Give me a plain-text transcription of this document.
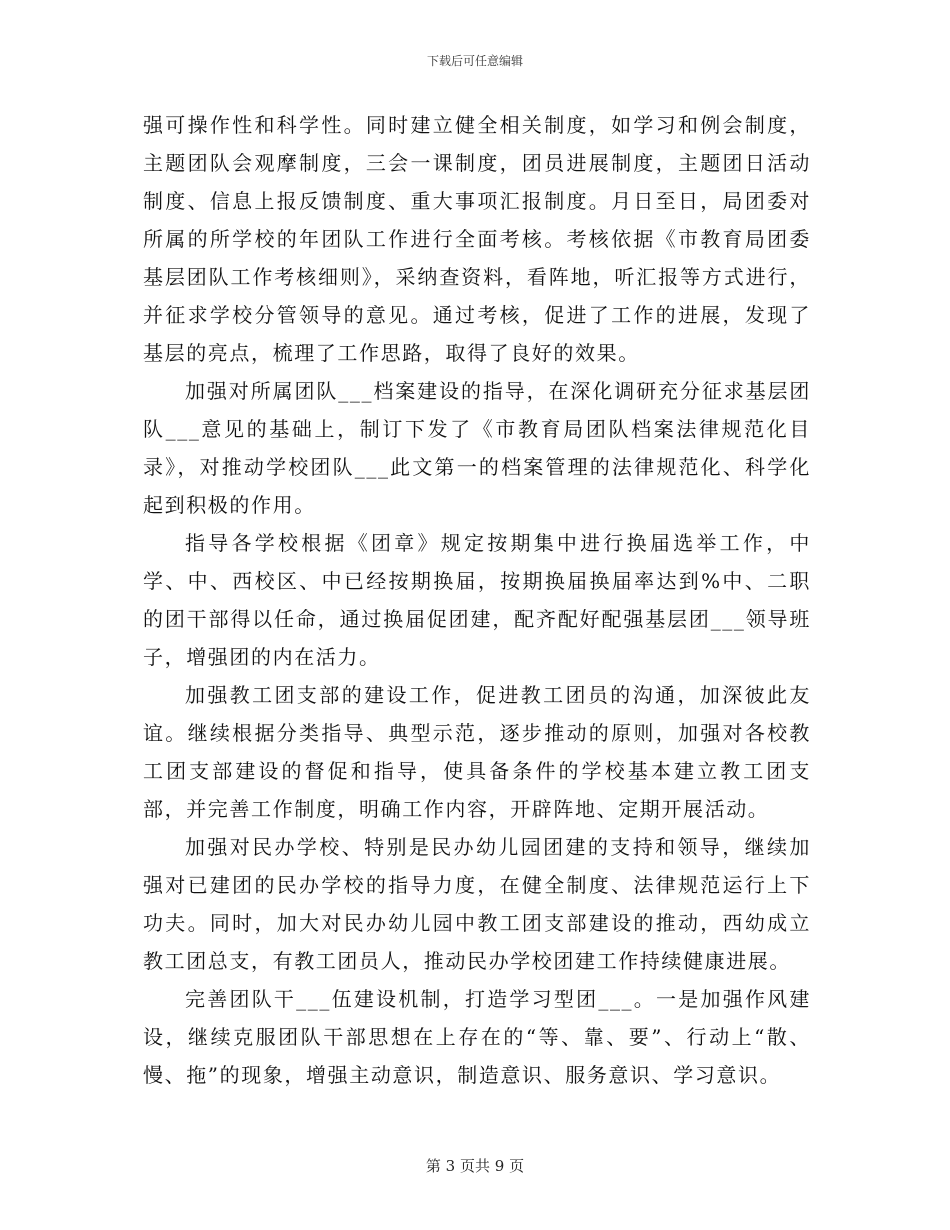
下载后可任意编辑

强可操作性和科学性。同时建立健全相关制度，如学习和例会制度，主题团队会观摩制度，三会一课制度，团员进展制度，主题团日活动制度、信息上报反馈制度、重大事项汇报制度。月日至日，局团委对所属的所学校的年团队工作进行全面考核。考核依据《市教育局团委基层团队工作考核细则》，采纳查资料，看阵地，听汇报等方式进行，并征求学校分管领导的意见。通过考核，促进了工作的进展，发现了基层的亮点，梳理了工作思路，取得了良好的效果。

加强对所属团队___档案建设的指导，在深化调研充分征求基层团队___意见的基础上，制订下发了《市教育局团队档案法律规范化目录》，对推动学校团队___此文第一的档案管理的法律规范化、科学化起到积极的作用。

指导各学校根据《团章》规定按期集中进行换届选举工作，中学、中、西校区、中已经按期换届，按期换届换届率达到%中、二职的团干部得以任命，通过换届促团建，配齐配好配强基层团___领导班子，增强团的内在活力。

加强教工团支部的建设工作，促进教工团员的沟通，加深彼此友谊。继续根据分类指导、典型示范，逐步推动的原则，加强对各校教工团支部建设的督促和指导，使具备条件的学校基本建立教工团支部，并完善工作制度，明确工作内容，开辟阵地、定期开展活动。

加强对民办学校、特别是民办幼儿园团建的支持和领导，继续加强对已建团的民办学校的指导力度，在健全制度、法律规范运行上下功夫。同时，加大对民办幼儿园中教工团支部建设的推动，西幼成立教工团总支，有教工团员人，推动民办学校团建工作持续健康进展。

完善团队干___伍建设机制，打造学习型团___。一是加强作风建设，继续克服团队干部思想在上存在的“等、靠、要”、行动上“散、慢、拖”的现象，增强主动意识，制造意识、服务意识、学习意识。

第 3 页共 9 页
